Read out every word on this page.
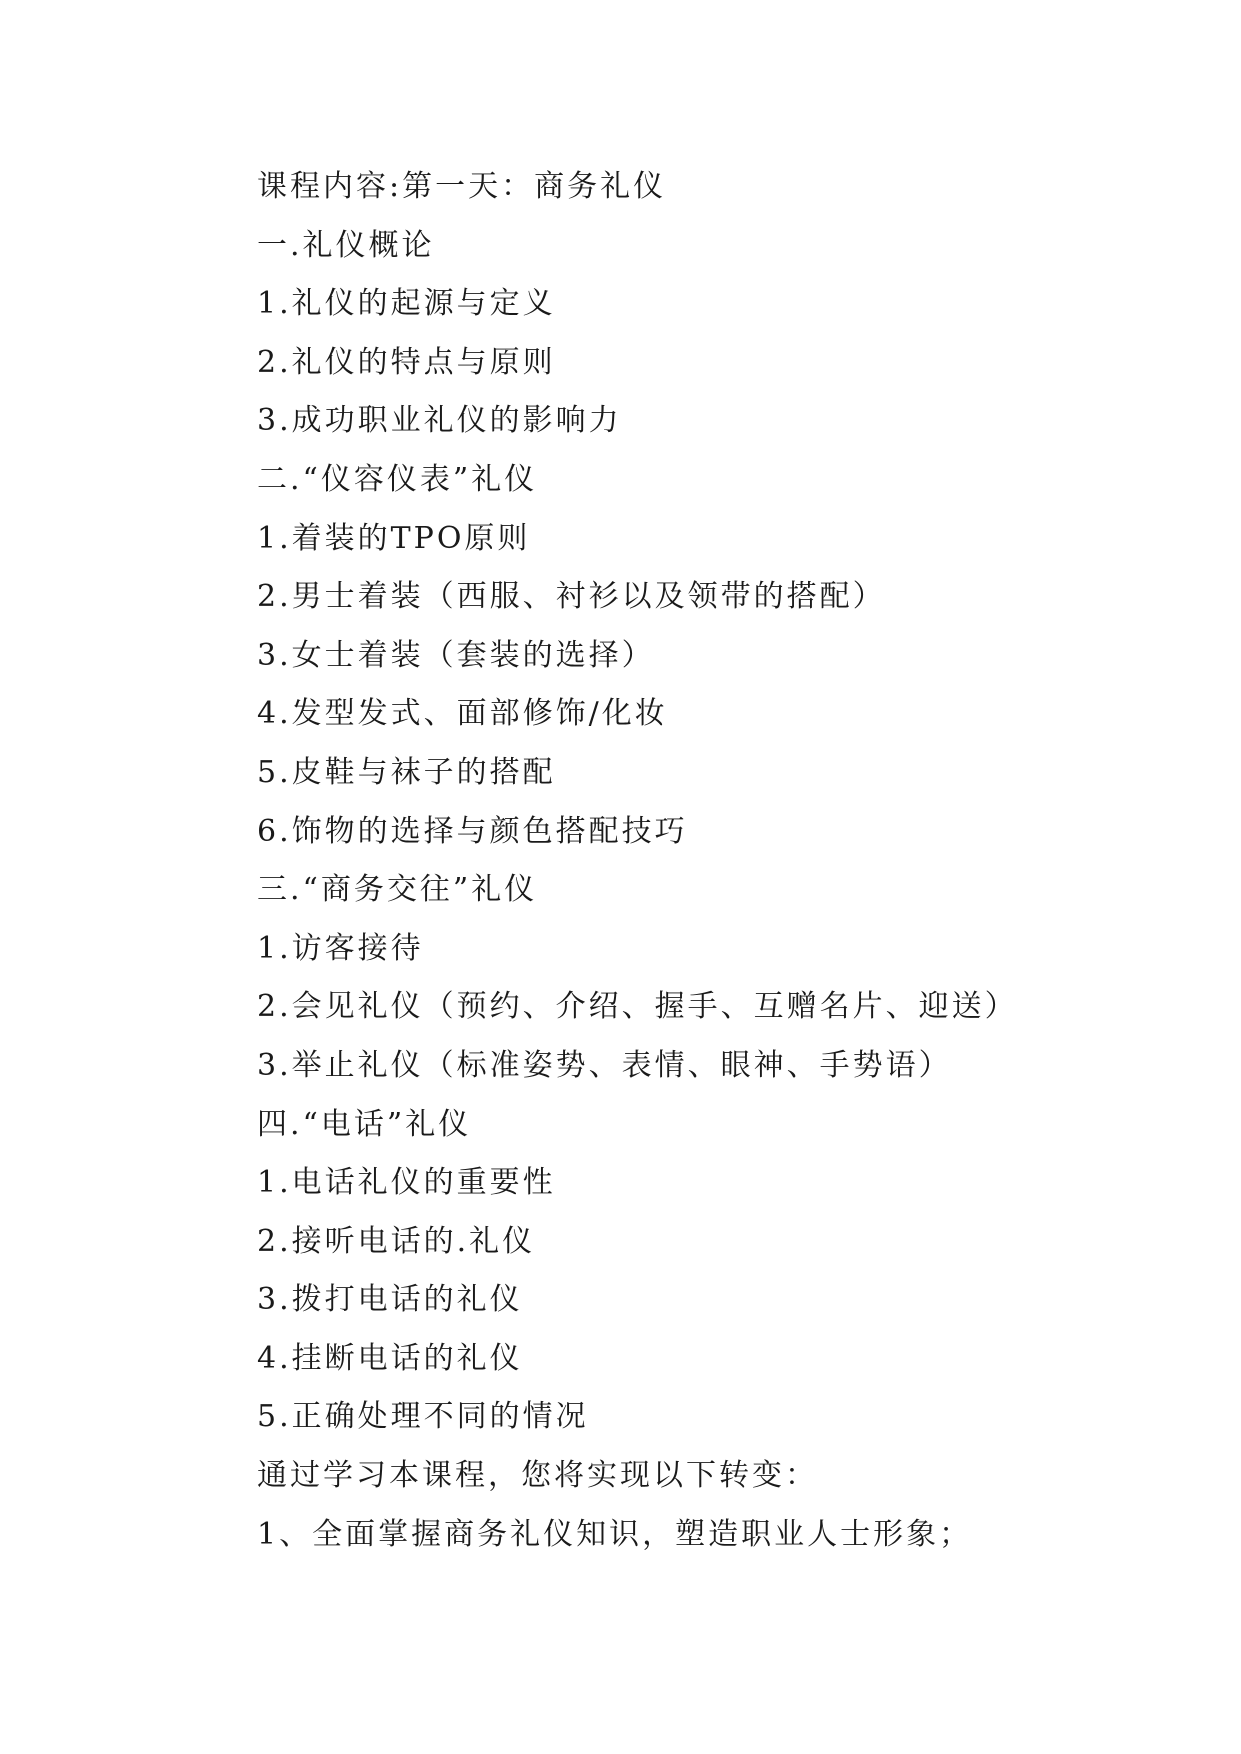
课程内容:第一天：商务礼仪
一.礼仪概论
1.礼仪的起源与定义
2.礼仪的特点与原则
3.成功职业礼仪的影响力
二.“仪容仪表”礼仪
1.着装的TPO原则
2.男士着装（西服、衬衫以及领带的搭配）
3.女士着装（套装的选择）
4.发型发式、面部修饰/化妆
5.皮鞋与袜子的搭配
6.饰物的选择与颜色搭配技巧
三.“商务交往”礼仪
1.访客接待
2.会见礼仪（预约、介绍、握手、互赠名片、迎送）
3.举止礼仪（标准姿势、表情、眼神、手势语）
四.“电话”礼仪
1.电话礼仪的重要性
2.接听电话的.礼仪
3.拨打电话的礼仪
4.挂断电话的礼仪
5.正确处理不同的情况
通过学习本课程，您将实现以下转变：
1、全面掌握商务礼仪知识，塑造职业人士形象；
